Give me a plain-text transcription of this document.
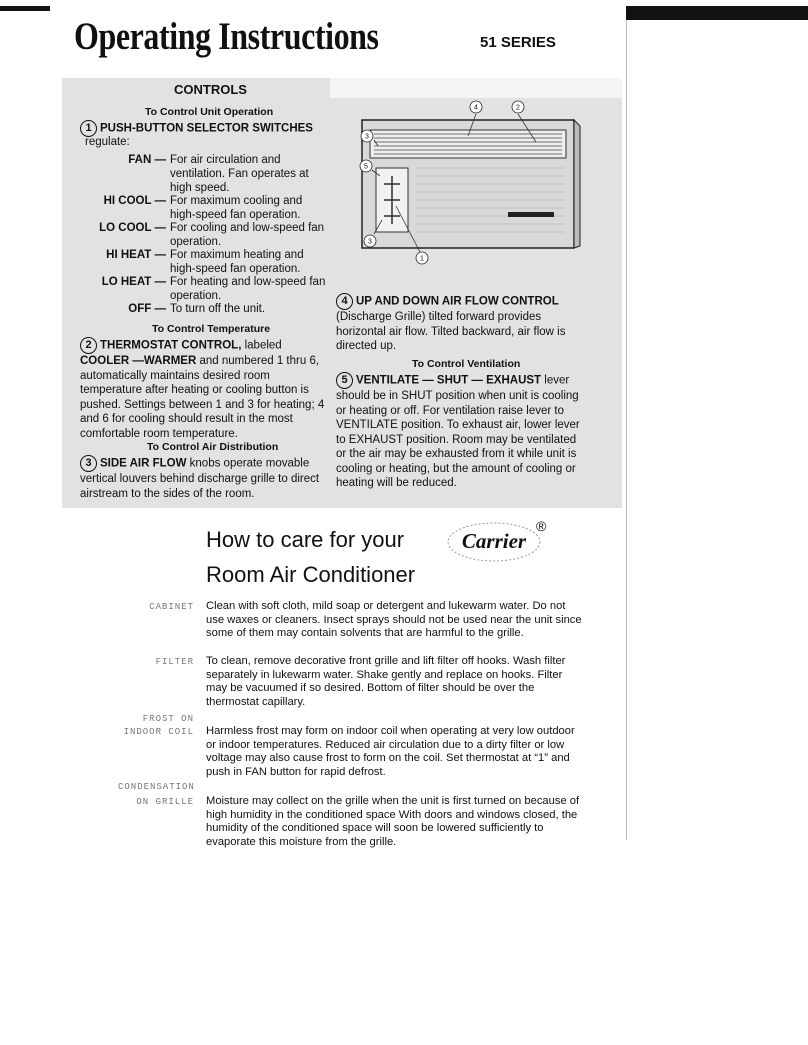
Operating Instructions	51 SERIES
CONTROLS
To Control Unit Operation
1 PUSH-BUTTON SELECTOR SWITCHES
regulate:
FAN — For air circulation and ventilation. Fan operates at high speed.
HI COOL — For maximum cooling and high-speed fan operation.
LO COOL — For cooling and low-speed fan operation.
HI HEAT — For maximum heating and high-speed fan operation.
LO HEAT — For heating and low-speed fan operation.
OFF — To turn off the unit.
To Control Temperature
2 THERMOSTAT CONTROL, labeled COOLER —WARMER and numbered 1 thru 6, automatically maintains desired room temperature after heating or cooling button is pushed. Settings between 1 and 3 for heating; 4 and 6 for cooling should result in the most comfortable room temperature.
To Control Air Distribution
3 SIDE AIR FLOW knobs operate movable vertical louvers behind discharge grille to direct airstream to the sides of the room.
4	2
3
5
3
1
4 UP AND DOWN AIR FLOW CONTROL (Discharge Grille) tilted forward provides horizontal air flow. Tilted backward, air flow is directed up.
To Control Ventilation
5 VENTILATE — SHUT — EXHAUST lever should be in SHUT position when unit is cooling or heating or off. For ventilation raise lever to VENTILATE position. To exhaust air, lower lever to EXHAUST position. Room may be ventilated or the air may be exhausted from it while unit is cooling or heating, but the amount of cooling or heating will be reduced.
How to care for your
Room Air Conditioner
Carrier
®
CABINET Clean with soft cloth, mild soap or detergent and lukewarm water. Do not use waxes or cleaners. Insect sprays should not be used near the unit since some of them may contain solvents that are harmful to the grille.
FILTER To clean, remove decorative front grille and lift filter off hooks. Wash filter separately in lukewarm water. Shake gently and replace on hooks. Filter may be vacuumed if so desired. Bottom of filter should be over the thermostat capillary.
FROST ON
INDOOR COIL Harmless frost may form on indoor coil when operating at very low outdoor or indoor temperatures. Reduced air circulation due to a dirty filter or low voltage may also cause frost to form on the coil. Set thermostat at “1” and push in FAN button for rapid defrost.
CONDENSATION
ON GRILLE Moisture may collect on the grille when the unit is first turned on because of high humidity in the conditioned space With doors and windows closed, the humidity of the conditioned space will soon be lowered sufficiently to evaporate this moisture from the grille.
